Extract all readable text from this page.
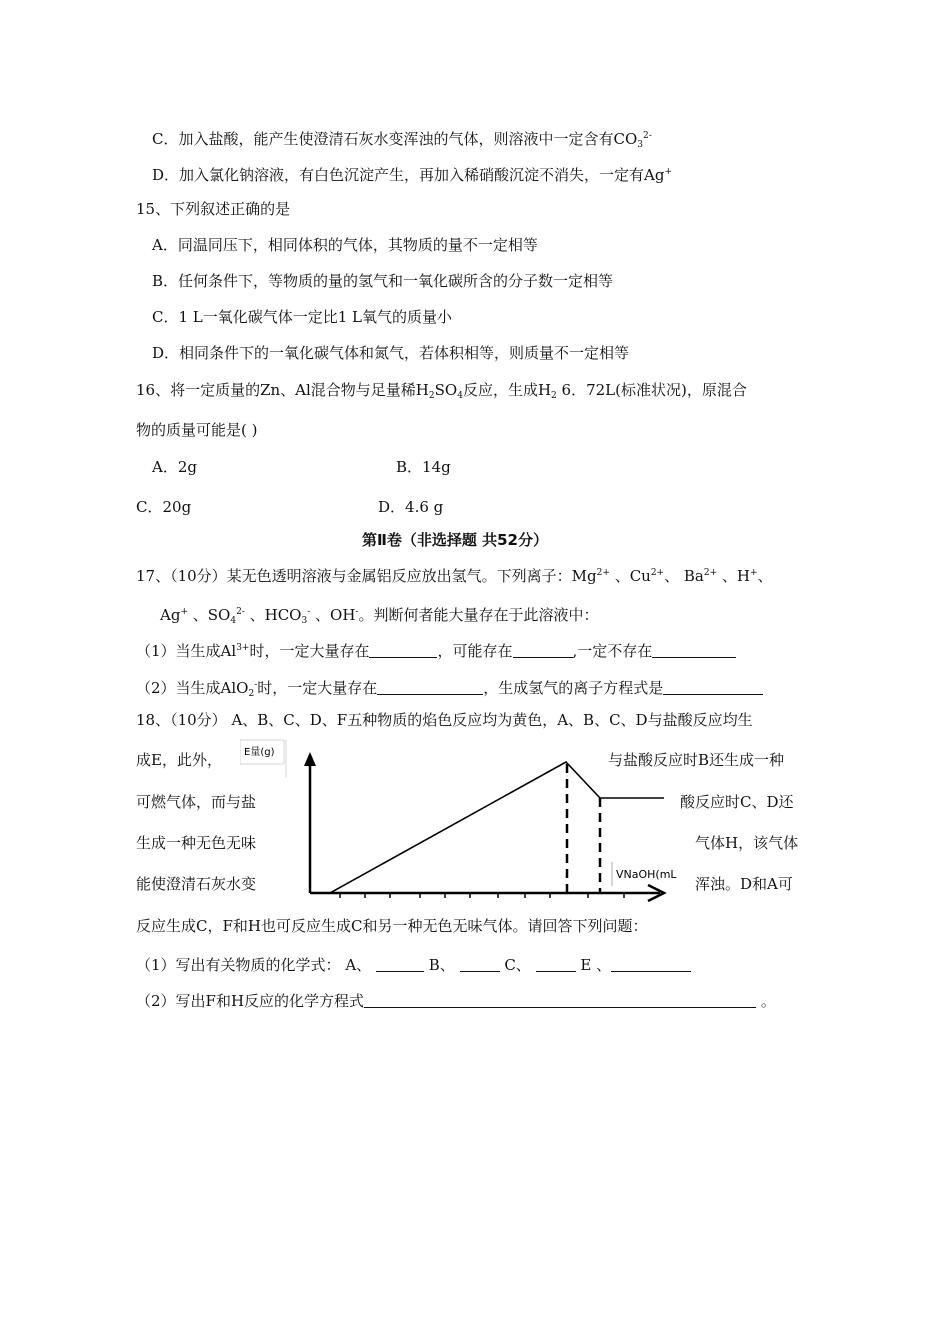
C．加入盐酸，能产生使澄清石灰水变浑浊的气体，则溶液中一定含有$CO_3^{2-}$
D．加入氯化钠溶液，有白色沉淀产生，再加入稀硝酸沉淀不消失，一定有Ag+
15、下列叙述正确的是
A．同温同压下，相同体积的气体，其物质的量不一定相等
B．任何条件下，等物质的量的氢气和一氧化碳所含的分子数一定相等
C．1 L一氧化碳气体一定比1 L氧气的质量小
D．相同条件下的一氧化碳气体和氮气，若体积相等，则质量不一定相等
16、将一定质量的Zn、Al混合物与足量稀$H_2SO_4$反应，生成$H_2$ 6．72L(标准状况)，原混合
物的质量可能是( )
A．2g	B．14g
C．20g	D．4.6 g
第Ⅱ卷（非选择题 共52分）
17、（10分）某无色透明溶液与金属铝反应放出氢气。下列离子：$Mg^{2+}$ 、$Cu^{2+}$、 $Ba^{2+}$ 、H+、
Ag+ 、$SO_4^{2-}$ 、$HCO_3^-$ 、OH-。判断何者能大量存在于此溶液中：
（1）当生成$Al^{3+}$时，一定大量存在	，可能存在	,一定不存在
（2）当生成AlO$_2$-时，一定大量存在	，生成氢气的离子方程式是
18、（10分） A、B、C、D、F五种物质的焰色反应均为黄色，A、B、C、D与盐酸反应均生
成E，此外，	与盐酸反应时B还生成一种
可燃气体，而与盐	酸反应时C、D还
生成一种无色无味	气体H，该气体
能使澄清石灰水变	浑浊。D和A可
E量(g)
VNaOH(mL
反应生成C，F和H也可反应生成C和另一种无色无味气体。请回答下列问题：
（1）写出有关物质的化学式： A、	B、	C、	E 、
（2）写出F和H反应的化学方程式	。
